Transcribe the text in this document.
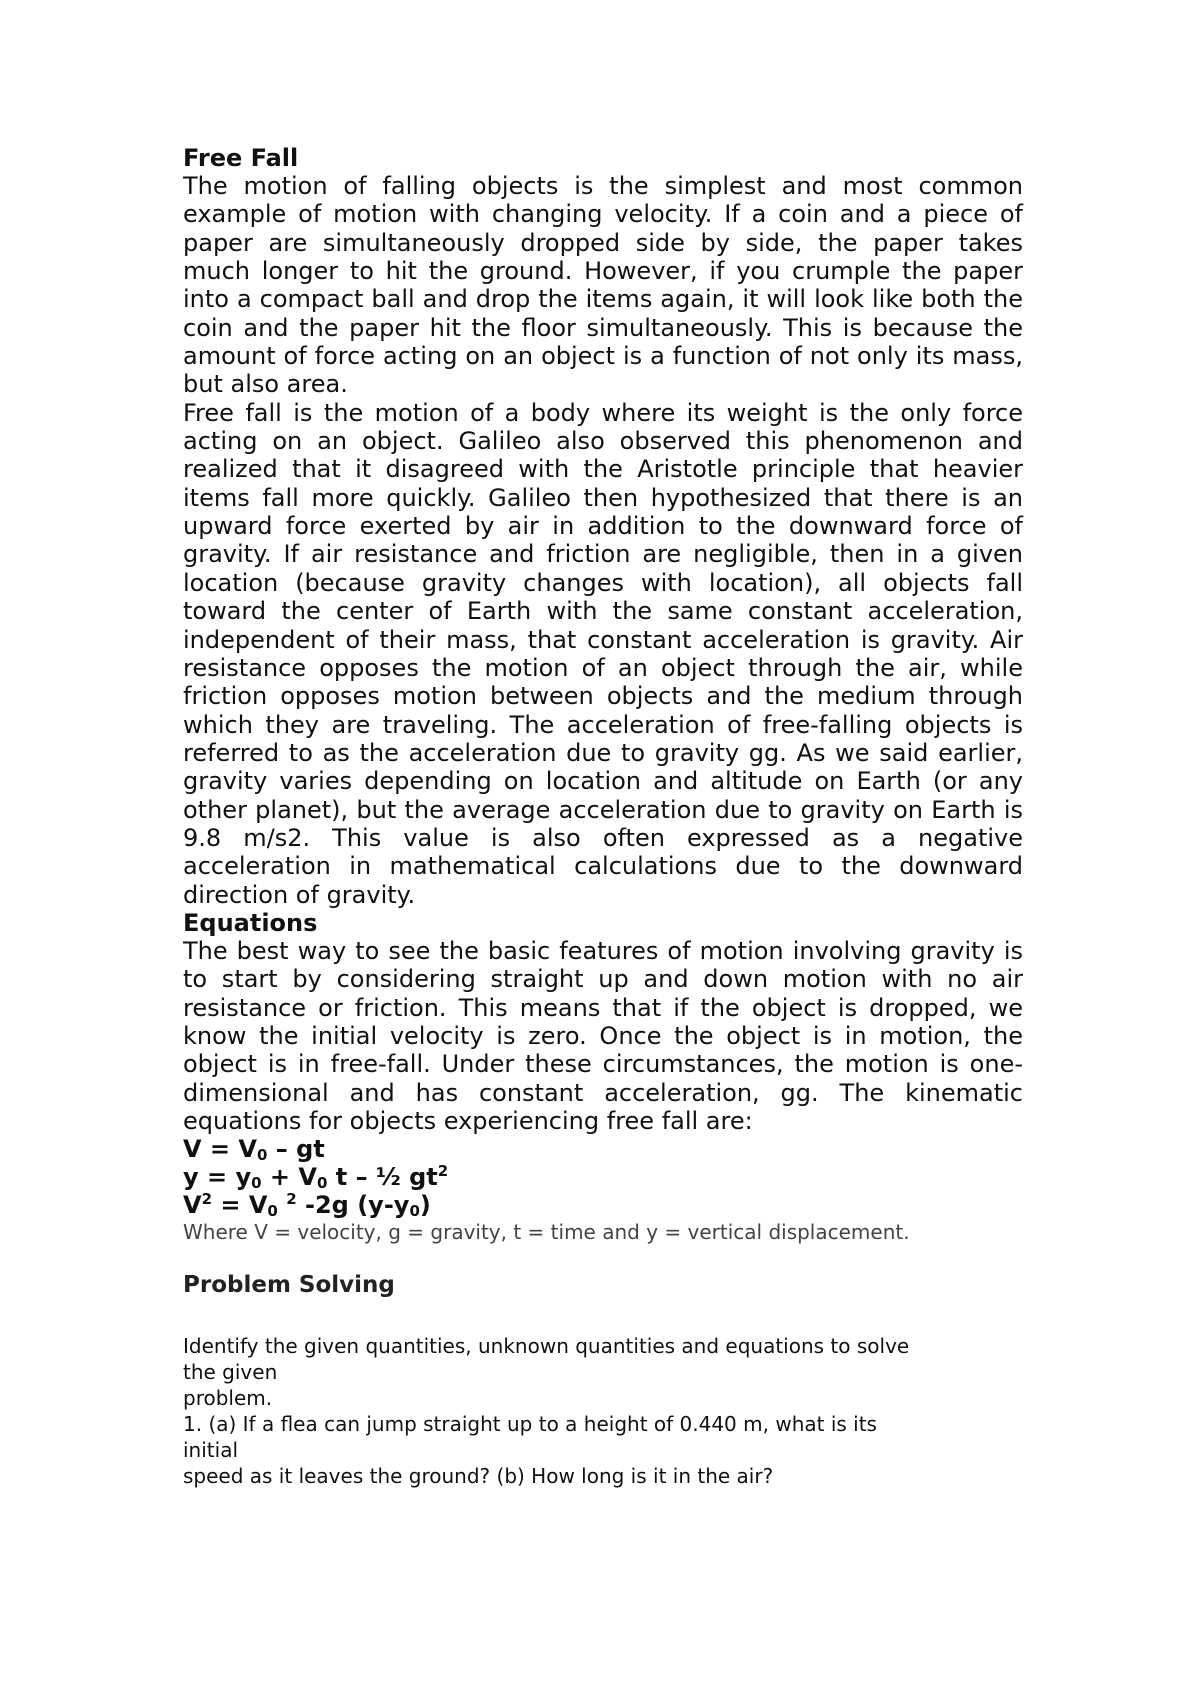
Free Fall

The motion of falling objects is the simplest and most common example of motion with changing velocity. If a coin and a piece of paper are simultaneously dropped side by side, the paper takes much longer to hit the ground. However, if you crumple the paper into a compact ball and drop the items again, it will look like both the coin and the paper hit the floor simultaneously. This is because the amount of force acting on an object is a function of not only its mass, but also area.

Free fall is the motion of a body where its weight is the only force acting on an object. Galileo also observed this phenomenon and realized that it disagreed with the Aristotle principle that heavier items fall more quickly. Galileo then hypothesized that there is an upward force exerted by air in addition to the downward force of gravity. If air resistance and friction are negligible, then in a given location (because gravity changes with location), all objects fall toward the center of Earth with the same constant acceleration, independent of their mass, that constant acceleration is gravity. Air resistance opposes the motion of an object through the air, while friction opposes motion between objects and the medium through which they are traveling. The acceleration of free-falling objects is referred to as the acceleration due to gravity gg. As we said earlier, gravity varies depending on location and altitude on Earth (or any other planet), but the average acceleration due to gravity on Earth is 9.8 m/s2. This value is also often expressed as a negative acceleration in mathematical calculations due to the downward direction of gravity.

Equations

The best way to see the basic features of motion involving gravity is to start by considering straight up and down motion with no air resistance or friction. This means that if the object is dropped, we know the initial velocity is zero. Once the object is in motion, the object is in free-fall. Under these circumstances, the motion is one-dimensional and has constant acceleration, gg. The kinematic equations for objects experiencing free fall are:

$V = V_0$ – gt

$y = y_0 + V_0$ t – ½ $gt^2$

$V^2 = V_0$ $^2$ -2g $(y-y_0)$

Where V = velocity, g = gravity, t = time and y = vertical displacement.

Problem Solving

Identify the given quantities, unknown quantities and equations to solve

the given

problem.

1. (a) If a flea can jump straight up to a height of 0.440 m, what is its

initial

speed as it leaves the ground? (b) How long is it in the air?
